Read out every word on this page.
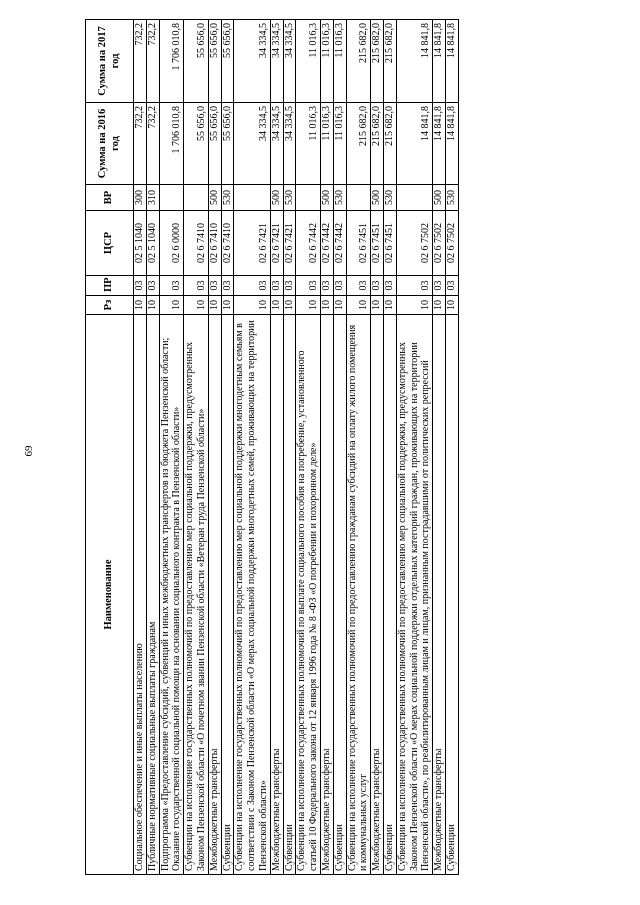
69
Наименование	Рз	ПР	ЦСР	ВР	Сумма на 2016 год	Сумма на 2017 год
Социальное обеспечение и иные выплаты населению	10	03	02 5 1040	300	732,2	732,2
Публичные нормативные социальные выплаты гражданам	10	03	02 5 1040	310	732,2	732,2
Подпрограмма «Предоставление субсидий, субвенций и иных межбюджетных трансфертов из бюджета Пензенской области; Оказание государственной социальной помощи на основании социального контракта в Пензенской области»	10	03	02 6 0000		1 706 010,8	1 706 010,8
Субвенции на исполнение государственных полномочий по предоставлению мер социальной поддержки, предусмотренных Законом Пензенской области «О почетном звании Пензенской области «Ветеран труда Пензенской области»	10	03	02 6 7410		55 656,0	55 656,0
Межбюджетные трансферты	10	03	02 6 7410	500	55 656,0	55 656,0
Субвенции	10	03	02 6 7410	530	55 656,0	55 656,0
Субвенции на исполнение государственных полномочий по предоставлению мер социальной поддержки многодетным семьям в соответствии с Законом Пензенской области «О мерах социальной поддержки многодетных семей, проживающих на территории Пензенской области»	10	03	02 6 7421		34 334,5	34 334,5
Межбюджетные трансферты	10	03	02 6 7421	500	34 334,5	34 334,5
Субвенции	10	03	02 6 7421	530	34 334,5	34 334,5
Субвенции на исполнение государственных полномочий по выплате социального пособия на погребение, установленного статьей 10 Федерального закона от 12 января 1996 года № 8 -ФЗ «О погребении и похоронном деле»	10	03	02 6 7442		11 016,3	11 016,3
Межбюджетные трансферты	10	03	02 6 7442	500	11 016,3	11 016,3
Субвенции	10	03	02 6 7442	530	11 016,3	11 016,3
Субвенции на исполнение государственных полномочий по предоставлению гражданам субсидий на оплату жилого помещения и коммунальных услуг	10	03	02 6 7451		215 682,0	215 682,0
Межбюджетные трансферты	10	03	02 6 7451	500	215 682,0	215 682,0
Субвенции	10	03	02 6 7451	530	215 682,0	215 682,0
Субвенции на исполнение государственных полномочий по предоставлению мер социальной поддержки, предусмотренных Законом Пензенской области «О мерах социальной поддержки отдельных категорий граждан, проживающих на территории Пензенской области», по реабилитированным лицам и лицам, признанным пострадавшими от политических репрессий	10	03	02 6 7502		14 841,8	14 841,8
Межбюджетные трансферты	10	03	02 6 7502	500	14 841,8	14 841,8
Субвенции	10	03	02 6 7502	530	14 841,8	14 841,8
